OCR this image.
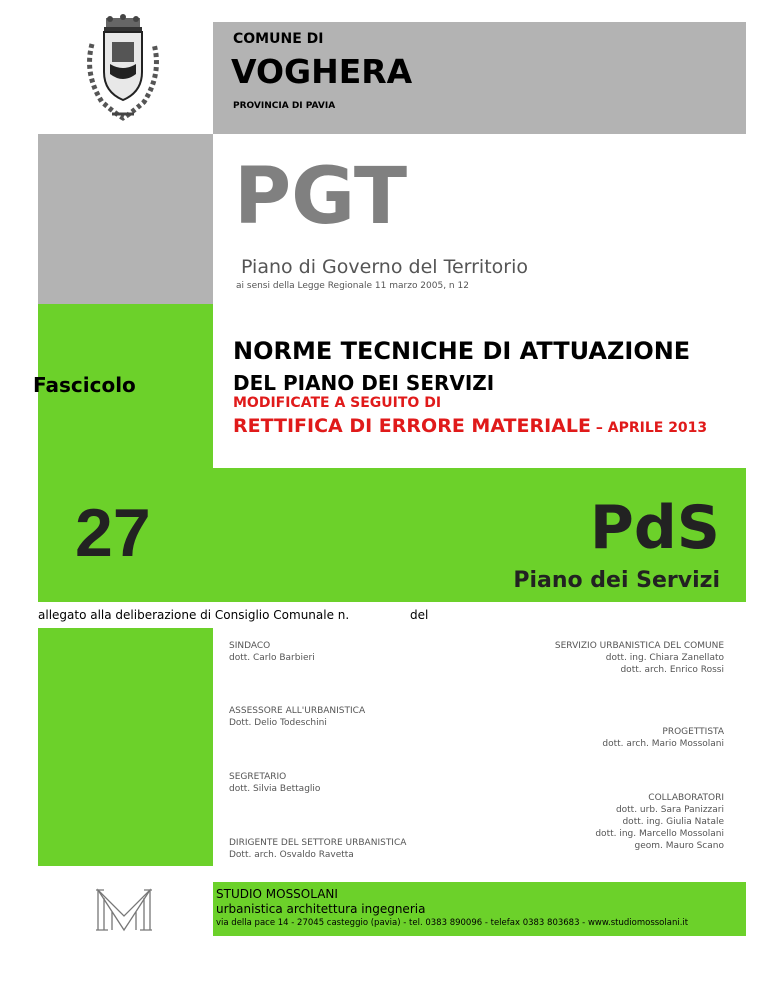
COMUNE DI
VOGHERA
PROVINCIA DI PAVIA
PGT
Piano di Governo del Territorio
ai sensi della Legge Regionale 11 marzo 2005, n 12
Fascicolo
NORME TECNICHE DI ATTUAZIONE
DEL PIANO DEI SERVIZI
MODIFICATE A SEGUITO DI
RETTIFICA DI ERRORE MATERIALE – APRILE 2013
27	PdS
Piano dei Servizi
allegato alla deliberazione di Consiglio Comunale n.	del
SINDACO
dott. Carlo Barbieri
ASSESSORE ALL'URBANISTICA
Dott. Delio Todeschini
SEGRETARIO
dott. Silvia Bettaglio
DIRIGENTE DEL SETTORE URBANISTICA
Dott. arch. Osvaldo Ravetta
SERVIZIO URBANISTICA DEL COMUNE
dott. ing. Chiara Zanellato
dott. arch. Enrico Rossi
PROGETTISTA
dott. arch. Mario Mossolani
COLLABORATORI
dott. urb. Sara Panizzari
dott. ing. Giulia Natale
dott. ing. Marcello Mossolani
geom. Mauro Scano
STUDIO MOSSOLANI
urbanistica architettura ingegneria
via della pace 14 - 27045 casteggio (pavia) - tel. 0383 890096 - telefax 0383 803683 - www.studiomossolani.it
